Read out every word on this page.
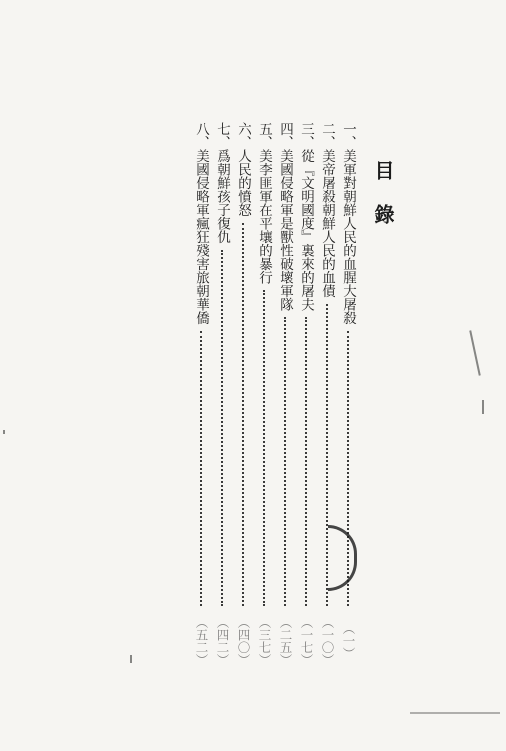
目錄
一、
美軍對朝鮮人民的血腥大屠殺
（一）
二、
美帝屠殺朝鮮人民的血債
（一〇）
三、
從『文明國度』裏來的屠夫
（一七）
四、
美國侵略軍是獸性破壞軍隊
（二五）
五、
美李匪軍在平壤的暴行
（三七）
六、
人民的憤怒
（四〇）
七、
爲朝鮮孩子復仇
（四二）
八、
美國侵略軍瘋狂殘害旅朝華僑
（五二）
